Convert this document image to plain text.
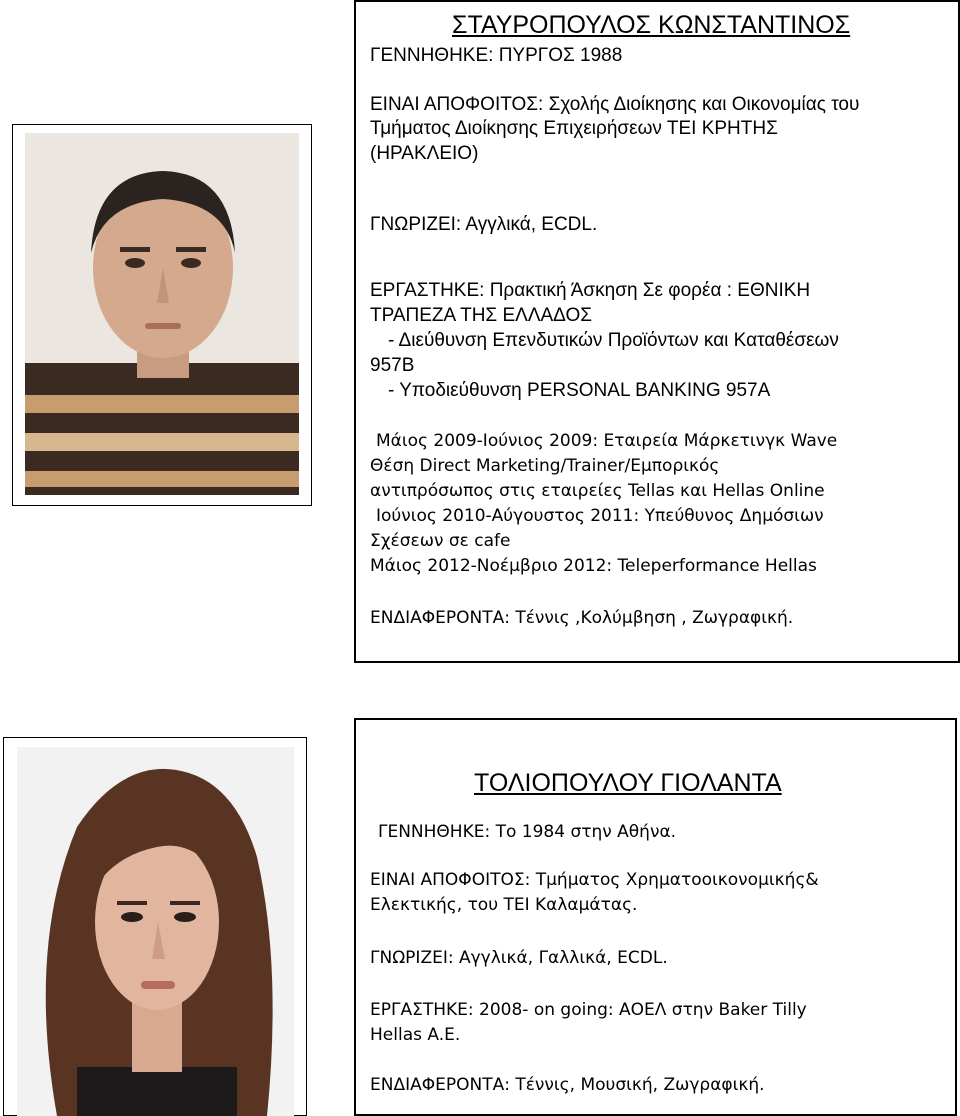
ΣΤΑΥΡΟΠΟΥΛΟΣ ΚΩΝΣΤΑΝΤΙΝΟΣ
ΓΕΝΝΗΘΗΚΕ: ΠΥΡΓΟΣ 1988
ΕΙΝΑΙ ΑΠΟΦΟΙΤΟΣ: Σχολής Διοίκησης και Οικονομίας του
Τμήματος Διοίκησης Επιχειρήσεων ΤΕΙ ΚΡΗΤΗΣ
(ΗΡΑΚΛΕΙΟ)
ΓΝΩΡΙΖΕΙ: Αγγλικά, ECDL.
ΕΡΓΑΣΤΗΚΕ: Πρακτική Άσκηση Σε φορέα : ΕΘΝΙΚΗ
ΤΡΑΠΕΖΑ ΤΗΣ ΕΛΛΑΔΟΣ
- Διεύθυνση Επενδυτικών Προϊόντων και Καταθέσεων
957Β
- Υποδιεύθυνση PERSONAL BANKING 957Α
Μάιος 2009-Ιούνιος 2009: Εταιρεία Μάρκετινγκ Wave
Θέση Direct Marketing/Trainer/Εμπορικός
αντιπρόσωπος στις εταιρείες Tellas και Hellas Online
Ιούνιος 2010-Αύγουστος 2011: Υπεύθυνος Δημόσιων
Σχέσεων σε cafe
Μάιος 2012-Νοέμβριο 2012: Teleperformance Hellas
ΕΝΔΙΑΦΕΡΟΝΤΑ: Τέννις ,Κολύμβηση , Ζωγραφική.
ΤΟΛΙΟΠΟΥΛΟΥ ΓΙΟΛΑΝΤΑ
ΓΕΝΝΗΘΗΚΕ: Το 1984 στην Αθήνα.
ΕΙΝΑΙ ΑΠΟΦΟΙΤΟΣ: Τμήματος Χρηματοοικονομικής&
Ελεκτικής, του ΤΕΙ Καλαμάτας.
ΓΝΩΡΙΖΕΙ: Αγγλικά, Γαλλικά, ECDL.
ΕΡΓΑΣΤΗΚΕ: 2008- on going: ΑΟΕΛ στην Baker Tilly
Hellas A.E.
ΕΝΔΙΑΦΕΡΟΝΤΑ: Τέννις, Μουσική, Ζωγραφική.
